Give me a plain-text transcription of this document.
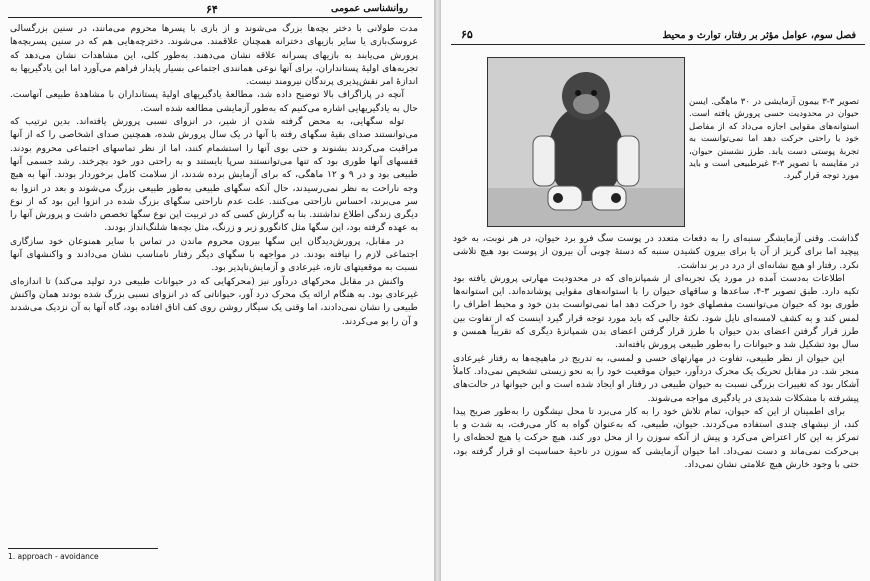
۶۴	روانشناسی عمومی

مدت طولانی با دختر بچه‌ها بزرگ می‌شوند و از بازی با پسرها محروم می‌مانند، در سنین بزرگسالی عروسک‌بازی یا سایر بازیهای دخترانه همچنان علاقمند. می‌شوند. دخترچه‌هایی هم که در سنین پسربچه‌ها پرورش می‌یابند به بازیهای پسرانه علاقه نشان می‌دهند. به‌طور کلی، این مشاهدات نشان می‌دهد که تجربه‌های اولیهٔ پستانداران، برای آنها نوعی همانندی اجتماعی بسیار پایدار فراهم می‌آورد اما این یادگیریها به اندازهٔ امر نقش‌پذیری پرندگان نیرومند نیست.

آنچه در پاراگراف بالا توضیح داده شد، مطالعهٔ یادگیریهای اولیهٔ پستانداران با مشاهدهٔ طبیعی آنهاست. حال به یادگیریهایی اشاره می‌کنیم که به‌طور آزمایشی مطالعه شده است.

توله سگهایی، به محض گرفته شدن از شیر، در انزوای نسبی پرورش یافته‌اند. بدین ترتیب که می‌توانستند صدای بقیهٔ سگهای رفته با آنها در یک سال پرورش شده، همچنین صدای اشخاصی را که از آنها مراقبت می‌کردند بشنوند و حتی بوی آنها را استشمام کنند، اما از نظر تماسهای اجتماعی محروم بودند. قفسهای آنها طوری بود که تنها می‌توانستند سرپا بایستند و به راحتی دور خود بچرخند. رشد جسمی آنها طبیعی بود و در ۹ و ۱۲ ماهگی، که برای آزمایش برده شدند، از سلامت کامل برخوردار بودند. آنها به هیچ وجه ناراحت به نظر نمی‌رسیدند، حال آنکه سگهای طبیعی به‌طور طبیعی بزرگ می‌شوند و بعد در انزوا به سر می‌برند، احساس ناراحتی می‌کنند. علت عدم ناراحتی سگهای بزرگ شده در انزوا این بود که از نوع دیگری زندگی اطلاع نداشتند. بنا به گزارش کسی که در تربیت این نوع سگها تخصص داشت و پرورش آنها را به عهده گرفته بود، این سگها مثل کانگورو زبر و زرنگ، مثل بچه‌ها شلنگ‌انداز بودند.

در مقابل، پرورش‌دیدگان این سگها بیرون محروم ماندن در تماس با سایر همنوعان خود سازگاری اجتماعی لازم را نیافته بودند. در مواجهه با سگهای دیگر رفتار نامناسب نشان می‌دادند و واکنشهای آنها نسبت به موقعیتهای تازه، غیرعادی و آزمایش‌ناپذیر بود.

واکنش در مقابل محرکهای دردآور نیز (محرکهایی که در حیوانات طبیعی درد تولید می‌کند) تا اندازه‌ای غیرعادی بود. به هنگام ارائه یک محرک درد آور، حیواناتی که در انزوای نسبی بزرگ شده بودند همان واکنش طبیعی را نشان نمی‌دادند، اما وقتی یک سیگار روشن روی کف اتاق افتاده بود، گاه آنها به آن نزدیک می‌شدند و آن را بو می‌کردند.

1. approach - avoidance
فصل سوم، عوامل مؤثر بر رفتار، توارث و محیط
۶۵
تصویر ۳-۳ بیمون آزمایشی در ۳۰ ماهگی. ایسن حیوان در محدودیت حسی پرورش یافته است. استوانه‌های مقوایی اجازه می‌داد که از مفاصل خود با راحتی حرکت دهد اما نمی‌توانست به تجربهٔ پوستی دست یابد. طرز نشستن حیوان، در مقایسه با تصویر ۳-۳ غیرطبیعی است و باید مورد توجه قرار گیرد.

گذاشت. وقتی آزمایشگر سنبه‌ای را به دفعات متعدد در پوست سگ فرو برد حیوان، در هر نوبت، به خود پیچید اما برای گریز از آن یا برای بیرون کشیدن سنبه که دستهٔ چوبی آن بیرون از پوست بود هیچ تلاشی نکرد. رفتار او هیچ نشانه‌ای از درد در بر نداشت.

اطلاعات به‌دست آمده در مورد یک تجربه‌ای از شمپانزه‌ای که در محدودیت مهارتی پرورش یافته بود تکیه دارد. طبق تصویر ۳-۴، ساعدها و ساقهای حیوان را با استوانه‌های مقوایی پوشانده‌اند. این استوانه‌ها طوری بود که حیوان می‌توانست مفصلهای خود را حرکت دهد اما نمی‌توانست بدن خود و محیط اطراف را لمس کند و به کشف لامسه‌ای نایل شود. نکتهٔ جالبی که باید مورد توجه قرار گیرد اینست که از تفاوت بین طرز قرار گرفتن اعضای بدن حیوان با طرز قرار گرفتن اعضای بدن شمپانزهٔ دیگری که تقریباً همسن و سال بود تشکیل شد و حیوانات را به‌طور طبیعی پرورش یافته‌اند.

این حیوان از نظر طبیعی، تفاوت در مهارتهای حسی و لمسی، به تدریج در ماهیچه‌ها به رفتار غیرعادی منجر شد. در مقابل تحریک یک محرک دردآور، حیوان موقعیت خود را به نحو زیستی تشخیص نمی‌داد. کاملاً آشکار بود که تغییرات بزرگی نسبت به حیوان طبیعی در رفتار او ایجاد شده است و این حیوانها در حالت‌های پیشرفته با مشکلات شدیدی در یادگیری مواجه می‌شوند.

برای اطمینان از این که حیوان، تمام تلاش خود را به کار می‌برد تا محل نیشگون را به‌طور صریح پیدا کند، از نیشهای چندی استفاده می‌کردند. حیوان، طبیعی، که به‌عنوان گواه به کار می‌رفت، به شدت و با تمرکز به این کار اعتراض می‌کرد و پیش از آنکه سوزن را از محل دور کند، هیچ حرکت یا هیچ لحظه‌ای را بی‌حرکت نمی‌ماند و دست نمی‌داد. اما حیوان آزمایشی که سوزن در ناحیهٔ حساسیت او قرار گرفته بود، حتی با وجود خارش هیچ علامتی نشان نمی‌داد.
